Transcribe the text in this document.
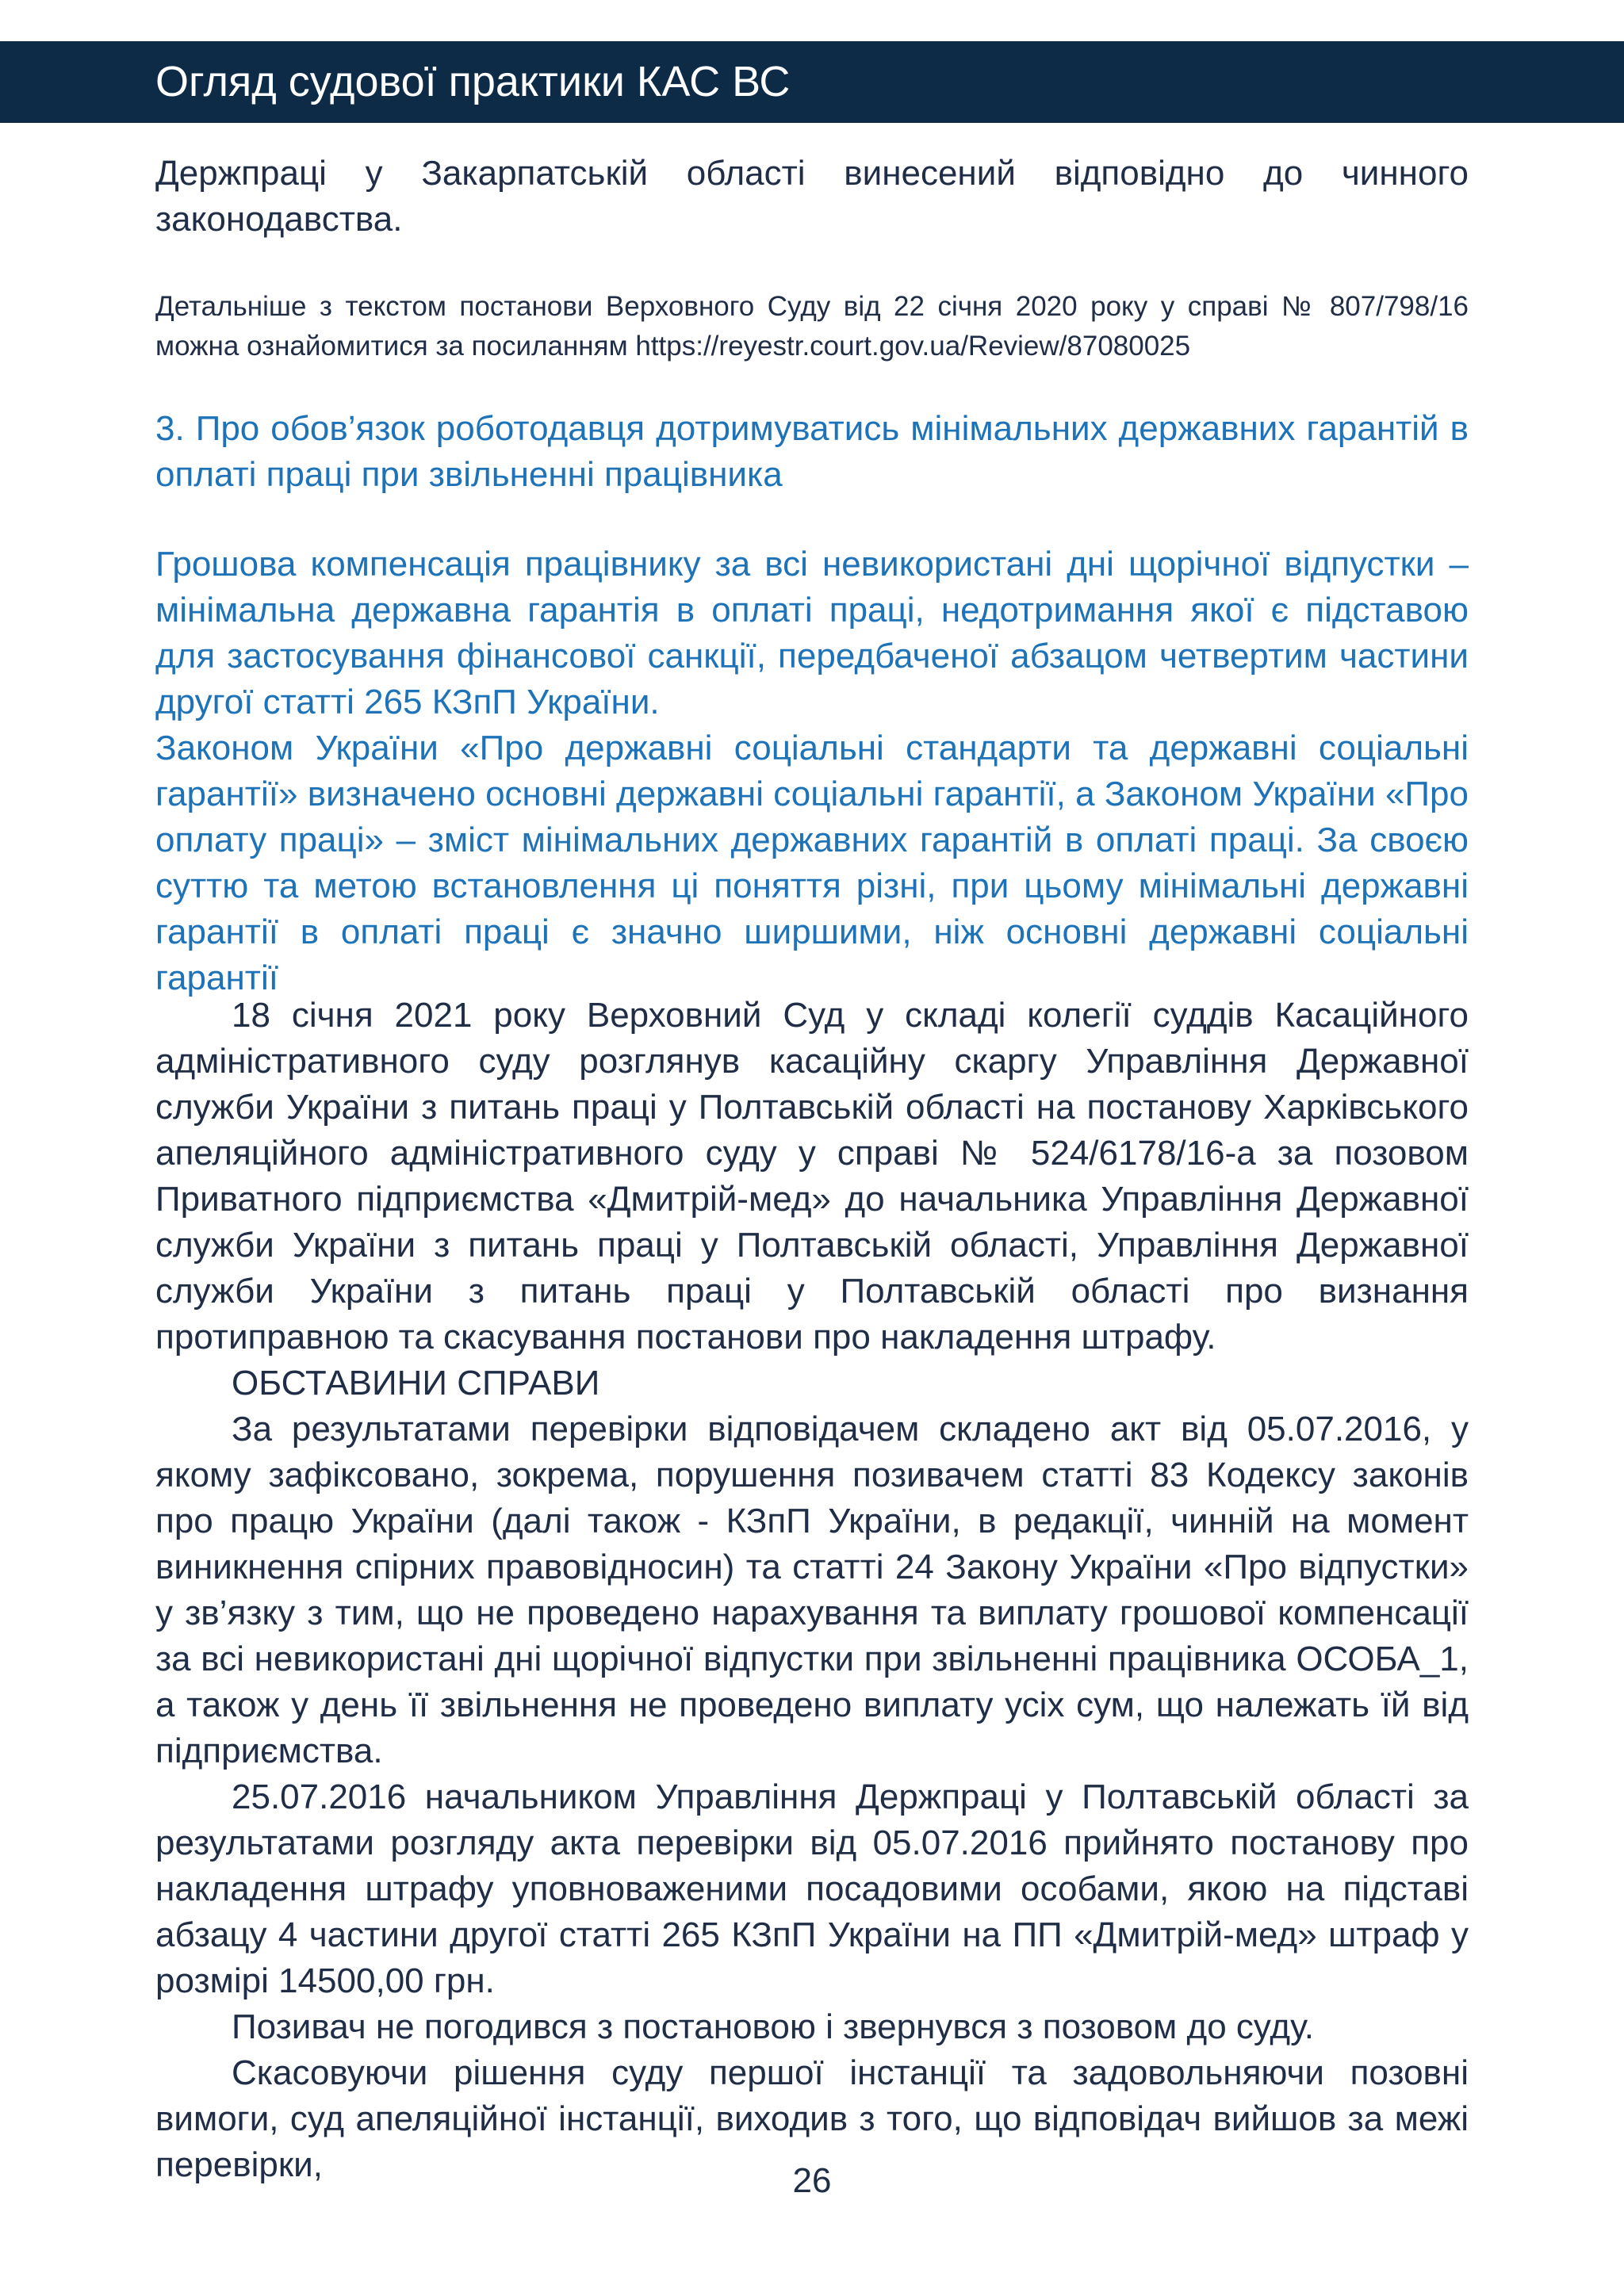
Огляд судової практики КАС ВС

Держпраці у Закарпатській області винесений відповідно до чинного законодавства.

Детальніше з текстом постанови Верховного Суду від 22 січня 2020 року у справі № 807/798/16 можна ознайомитися за посиланням https://reyestr.court.gov.ua/Review/87080025

3. Про обов’язок роботодавця дотримуватись мінімальних державних гарантій в оплаті праці при звільненні працівника

Грошова компенсація працівнику за всі невикористані дні щорічної відпустки – мінімальна державна гарантія в оплаті праці, недотримання якої є підставою для застосування фінансової санкції, передбаченої абзацом четвертим частини другої статті 265 КЗпП України.

Законом України «Про державні соціальні стандарти та державні соціальні гарантії» визначено основні державні соціальні гарантії, а Законом України «Про оплату праці» – зміст мінімальних державних гарантій в оплаті праці. За своєю суттю та метою встановлення ці поняття різні, при цьому мінімальні державні гарантії в оплаті праці є значно ширшими, ніж основні державні соціальні гарантії

18 січня 2021 року Верховний Суд у складі колегії суддів Касаційного адміністративного суду розглянув касаційну скаргу Управління Державної служби України з питань праці у Полтавській області на постанову Харківського апеляційного адміністративного суду у справі № 524/6178/16-а за позовом Приватного підприємства «Дмитрій-мед» до начальника Управління Державної служби України з питань праці у Полтавській області, Управління Державної служби України з питань праці у Полтавській області про визнання протиправною та скасування постанови про накладення штрафу.

ОБСТАВИНИ СПРАВИ

За результатами перевірки відповідачем складено акт від 05.07.2016, у якому зафіксовано, зокрема, порушення позивачем статті 83 Кодексу законів про працю України (далі також - КЗпП України, в редакції, чинній на момент виникнення спірних правовідносин) та статті 24 Закону України «Про відпустки» у зв’язку з тим, що не проведено нарахування та виплату грошової компенсації за всі невикористані дні щорічної відпустки при звільненні працівника ОСОБА_1, а також у день її звільнення не проведено виплату усіх сум, що належать їй від підприємства.

25.07.2016 начальником Управління Держпраці у Полтавській області за результатами розгляду акта перевірки від 05.07.2016 прийнято постанову про накладення штрафу уповноваженими посадовими особами, якою на підставі абзацу 4 частини другої статті 265 КЗпП України на ПП «Дмитрій-мед» штраф у розмірі 14500,00 грн.

Позивач не погодився з постановою і звернувся з позовом до суду.

Скасовуючи рішення суду першої інстанції та задовольняючи позовні вимоги, суд апеляційної інстанції, виходив з того, що відповідач вийшов за межі перевірки,	26
